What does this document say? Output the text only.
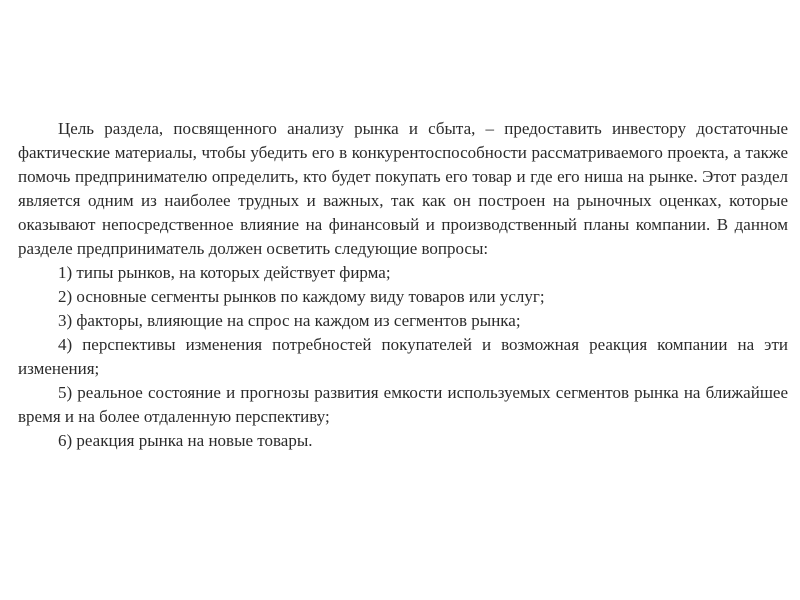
Цель раздела, посвященного анализу рынка и сбыта, – предоставить инвестору достаточные фактические материалы, чтобы убедить его в конкурентоспособности рассматриваемого проекта, а также помочь предпринимателю определить, кто будет покупать его товар и где его ниша на рынке. Этот раздел является одним из наиболее трудных и важных, так как он построен на рыночных оценках, которые оказывают непосредственное влияние на финансовый и производственный планы компании. В данном разделе предприниматель должен осветить следующие вопросы:

1) типы рынков, на которых действует фирма;

2) основные сегменты рынков по каждому виду товаров или услуг;

3) факторы, влияющие на спрос на каждом из сегментов рынка;

4) перспективы изменения потребностей покупателей и возможная реакция компании на эти изменения;

5) реальное состояние и прогнозы развития емкости используемых сегментов рынка на ближайшее время и на более отдаленную перспективу;

6) реакция рынка на новые товары.
